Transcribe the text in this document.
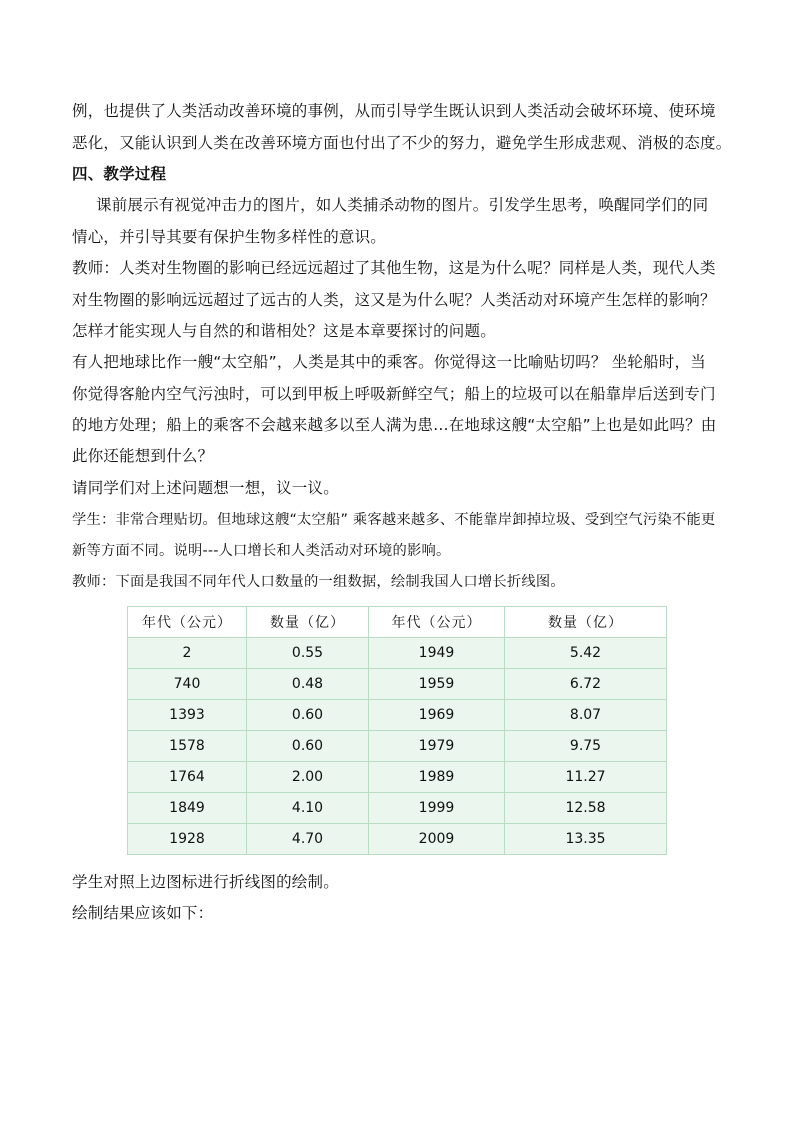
例，也提供了人类活动改善环境的事例，从而引导学生既认识到人类活动会破坏环境、使环境
恶化，又能认识到人类在改善环境方面也付出了不少的努力，避免学生形成悲观、消极的态度。
四、教学过程
课前展示有视觉冲击力的图片，如人类捕杀动物的图片。引发学生思考，唤醒同学们的同
情心，并引导其要有保护生物多样性的意识。
教师：人类对生物圈的影响已经远远超过了其他生物，这是为什么呢？同样是人类，现代人类
对生物圈的影响远远超过了远古的人类，这又是为什么呢？人类活动对环境产生怎样的影响？
怎样才能实现人与自然的和谐相处？这是本章要探讨的问题。
有人把地球比作一艘“太空船”，人类是其中的乘客。你觉得这一比喻贴切吗？ 坐轮船时，当
你觉得客舱内空气污浊时，可以到甲板上呼吸新鲜空气；船上的垃圾可以在船靠岸后送到专门
的地方处理；船上的乘客不会越来越多以至人满为患…在地球这艘“太空船”上也是如此吗？由
此你还能想到什么？
请同学们对上述问题想一想，议一议。
学生：非常合理贴切。但地球这艘“太空船” 乘客越来越多、不能靠岸卸掉垃圾、受到空气污染不能更
新等方面不同。说明---人口增长和人类活动对环境的影响。
教师：下面是我国不同年代人口数量的一组数据，绘制我国人口增长折线图。
年代（公元）	数量（亿）	年代（公元）	数量（亿）
2	0.55	1949	5.42
740	0.48	1959	6.72
1393	0.60	1969	8.07
1578	0.60	1979	9.75
1764	2.00	1989	11.27
1849	4.10	1999	12.58
1928	4.70	2009	13.35
学生对照上边图标进行折线图的绘制。
绘制结果应该如下：
